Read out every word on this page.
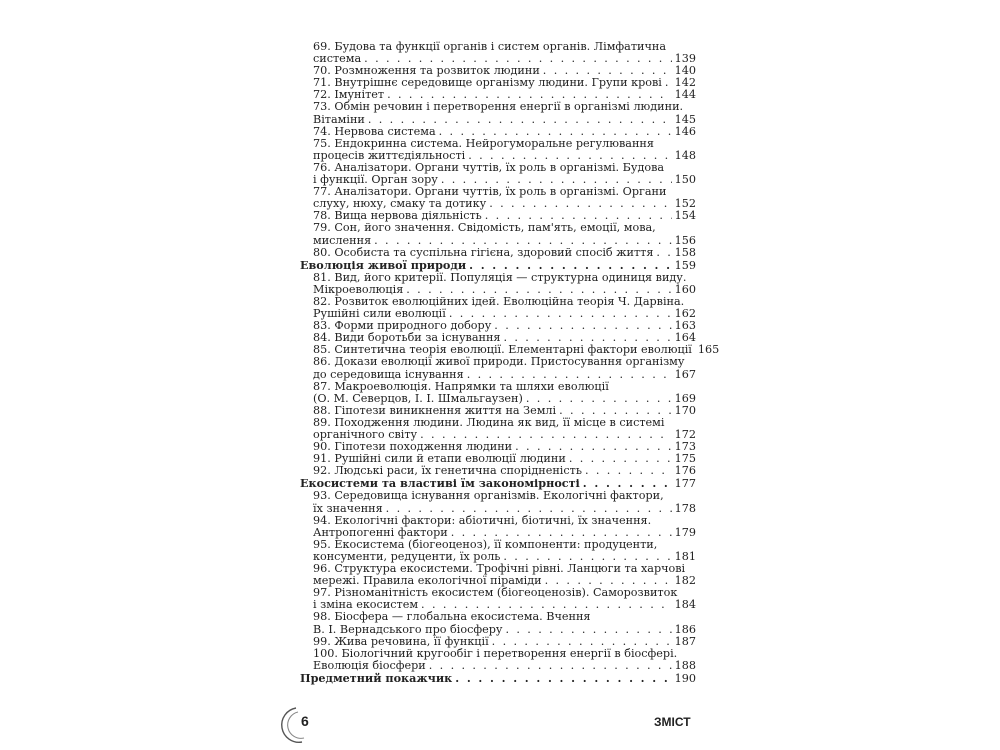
69. Будова та функції органів і систем органів. Лімфатична
система . . .	139
70. Розмноження та розвиток людини . . .	140
71. Внутрішнє середовище організму людини. Групи крові . . . 142
72. Імунітет . . .	144
73. Обмін речовин і перетворення енергії в організмі людини.
Вітаміни . . .	145
74. Нервова система . . .	146
75. Ендокринна система. Нейрогуморальне регулювання
процесів життєдіяльності . . .	148
76. Аналізатори. Органи чуттів, їх роль в організмі. Будова
і функції. Орган зору . . .	150
77. Аналізатори. Органи чуттів, їх роль в організмі. Органи
слуху, нюху, смаку та дотику . . .	152
78. Вища нервова діяльність . . .	154
79. Сон, його значення. Свідомість, пам'ять, емоції, мова,
мислення . . .	156
80. Особиста та суспільна гігієна, здоровий спосіб життя . . . 158
Еволюція живої природи . . .	159
81. Вид, його критерії. Популяція — структурна одиниця виду.
Мікроеволюція . . .	160
82. Розвиток еволюційних ідей. Еволюційна теорія Ч. Дарвіна.
Рушійні сили еволюції . . .	162
83. Форми природного добору . . .	163
84. Види боротьби за існування . . .	164
85. Синтетична теорія еволюції. Елементарні фактори еволюції 165
86. Докази еволюції живої природи. Пристосування організму
до середовища існування . . .	167
87. Макроеволюція. Напрямки та шляхи еволюції
(О. М. Северцов, І. І. Шмальгаузен) . . .	169
88. Гіпотези виникнення життя на Землі . . .	170
89. Походження людини. Людина як вид, її місце в системі
органічного світу . . .	172
90. Гіпотези походження людини . . .	173
91. Рушійні сили й етапи еволюції людини . . .	175
92. Людські раси, їх генетична спорідненість . . .	176
Екосистеми та властиві їм закономірності . . .	177
93. Середовища існування організмів. Екологічні фактори,
їх значення . . .	178
94. Екологічні фактори: абіотичні, біотичні, їх значення.
Антропогенні фактори . . .	179
95. Екосистема (біогеоценоз), її компоненти: продуценти,
консументи, редуценти, їх роль . . .	181
96. Структура екосистеми. Трофічні рівні. Ланцюги та харчові
мережі. Правила екологічної піраміди . . .	182
97. Різноманітність екосистем (біогеоценозів). Саморозвиток
і зміна екосистем . . .	184
98. Біосфера — глобальна екосистема. Вчення
В. І. Вернадського про біосферу . . .	186
99. Жива речовина, її функції . . .	187
100. Біологічний кругообіг і перетворення енергії в біосфері.
Еволюція біосфери . . .	188
Предметний покажчик . . .	190
6	ЗМІСТ
